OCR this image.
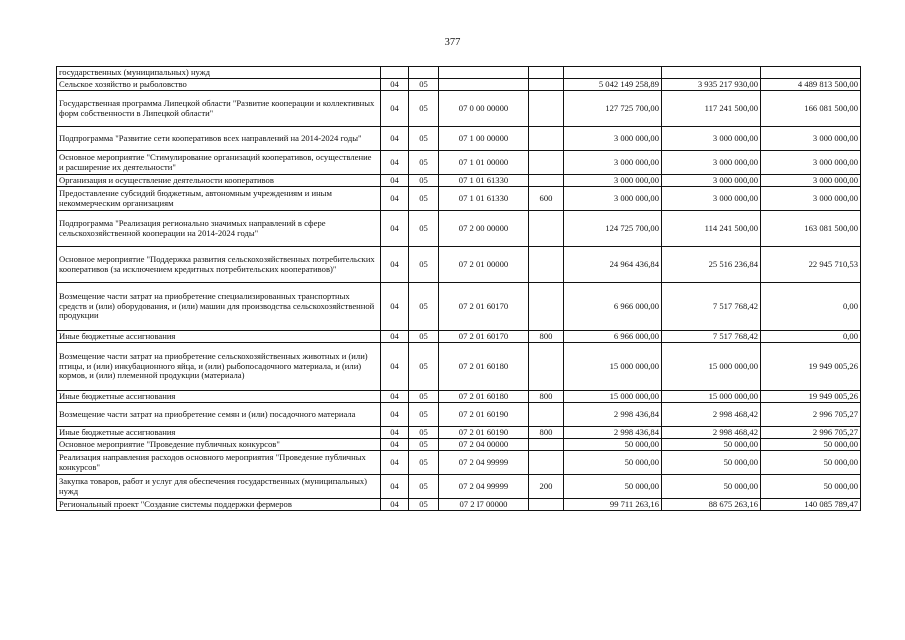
377
государственных (муниципальных) нужд							
Сельское хозяйство и рыболовство	04	05			5 042 149 258,89	3 935 217 930,00	4 489 813 500,00
Государственная программа Липецкой области "Развитие кооперации и коллективных форм собственности в Липецкой области"	04	05	07 0 00 00000		127 725 700,00	117 241 500,00	166 081 500,00
Подпрограмма "Развитие сети кооперативов всех направлений на 2014-2024 годы"	04	05	07 1 00 00000		3 000 000,00	3 000 000,00	3 000 000,00
Основное мероприятие "Стимулирование организаций кооперативов, осуществление и расширение их деятельности"	04	05	07 1 01 00000		3 000 000,00	3 000 000,00	3 000 000,00
Организация и осуществление деятельности кооперативов	04	05	07 1 01 61330		3 000 000,00	3 000 000,00	3 000 000,00
Предоставление субсидий бюджетным, автономным учреждениям и иным некоммерческим организациям	04	05	07 1 01 61330	600	3 000 000,00	3 000 000,00	3 000 000,00
Подпрограмма "Реализация регионально значимых направлений в сфере сельскохозяйственной кооперации на 2014-2024 годы"	04	05	07 2 00 00000		124 725 700,00	114 241 500,00	163 081 500,00
Основное мероприятие "Поддержка развития сельскохозяйственных потребительских кооперативов (за исключением кредитных потребительских кооперативов)"	04	05	07 2 01 00000		24 964 436,84	25 516 236,84	22 945 710,53
Возмещение части затрат на приобретение специализированных транспортных средств и (или) оборудования, и (или) машин для производства сельскохозяйственной продукции	04	05	07 2 01 60170		6 966 000,00	7 517 768,42	0,00
Иные бюджетные ассигнования	04	05	07 2 01 60170	800	6 966 000,00	7 517 768,42	0,00
Возмещение части затрат на приобретение сельскохозяйственных животных и (или) птицы, и (или) инкубационного яйца, и (или) рыбопосадочного материала, и (или) кормов, и (или) племенной продукции (материала)	04	05	07 2 01 60180		15 000 000,00	15 000 000,00	19 949 005,26
Иные бюджетные ассигнования	04	05	07 2 01 60180	800	15 000 000,00	15 000 000,00	19 949 005,26
Возмещение части затрат на приобретение семян и (или) посадочного материала	04	05	07 2 01 60190		2 998 436,84	2 998 468,42	2 996 705,27
Иные бюджетные ассигнования	04	05	07 2 01 60190	800	2 998 436,84	2 998 468,42	2 996 705,27
Основное мероприятие "Проведение публичных конкурсов"	04	05	07 2 04 00000		50 000,00	50 000,00	50 000,00
Реализация направления расходов основного мероприятия "Проведение публичных конкурсов"	04	05	07 2 04 99999		50 000,00	50 000,00	50 000,00
Закупка товаров, работ и услуг для обеспечения государственных (муниципальных) нужд	04	05	07 2 04 99999	200	50 000,00	50 000,00	50 000,00
Региональный проект "Создание системы поддержки фермеров	04	05	07 2 I7 00000		99 711 263,16	88 675 263,16	140 085 789,47
